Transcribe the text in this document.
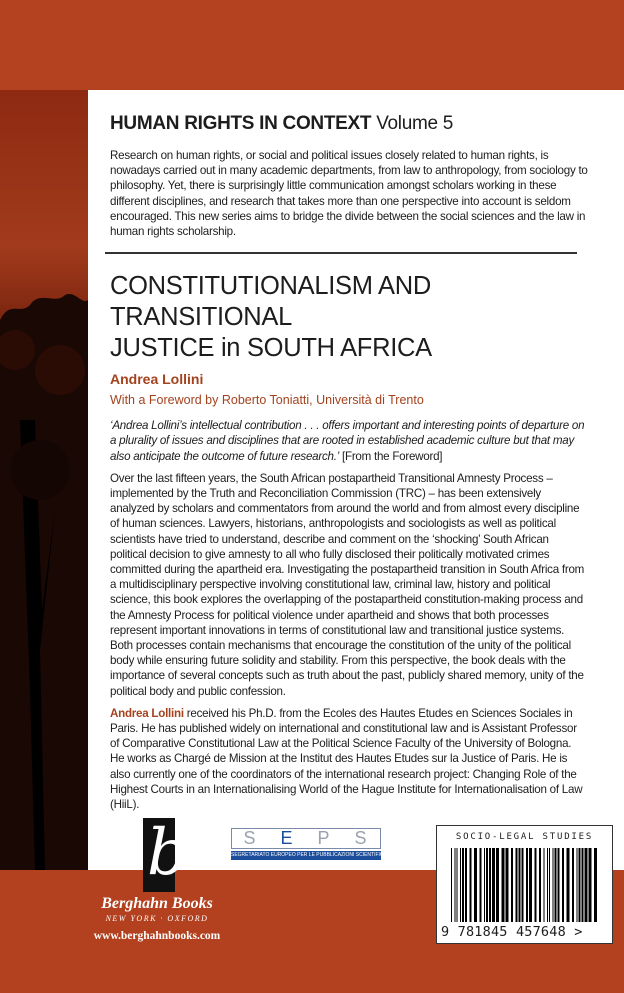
HUMAN RIGHTS IN CONTEXT Volume 5
Research on human rights, or social and political issues closely related to human rights, is nowadays carried out in many academic departments, from law to anthropology, from sociology to philosophy. Yet, there is surprisingly little communication amongst scholars working in these different disciplines, and research that takes more than one perspective into account is seldom encouraged. This new series aims to bridge the divide between the social sciences and the law in human rights scholarship.
CONSTITUTIONALISM AND TRANSITIONAL
JUSTICE in SOUTH AFRICA
Andrea Lollini
With a Foreword by Roberto Toniatti, Università di Trento
‘Andrea Lollini’s intellectual contribution . . . offers important and interesting points of departure on a plurality of issues and disciplines that are rooted in established academic culture but that may also anticipate the outcome of future research.’ [From the Foreword]
Over the last fifteen years, the South African postapartheid Transitional Amnesty Process – implemented by the Truth and Reconciliation Commission (TRC) – has been extensively analyzed by scholars and commentators from around the world and from almost every discipline of human sciences. Lawyers, historians, anthropologists and sociologists as well as political scientists have tried to understand, describe and comment on the ‘shocking’ South African political decision to give amnesty to all who fully disclosed their politically motivated crimes committed during the apartheid era. Investigating the postapartheid transition in South Africa from a multidisciplinary perspective involving constitutional law, criminal law, history and political science, this book explores the overlapping of the postapartheid constitution-making process and the Amnesty Process for political violence under apartheid and shows that both processes represent important innovations in terms of constitutional law and transitional justice systems. Both processes contain mechanisms that encourage the constitution of the unity of the political body while ensuring future solidity and stability. From this perspective, the book deals with the importance of several concepts such as truth about the past, publicly shared memory, unity of the political body and public confession.
Andrea Lollini received his Ph.D. from the Ecoles des Hautes Etudes en Sciences Sociales in Paris. He has published widely on international and constitutional law and is Assistant Professor of Comparative Constitutional Law at the Political Science Faculty of the University of Bologna. He works as Chargé de Mission at the Institut des Hautes Etudes sur la Justice of Paris. He is also currently one of the coordinators of the international research project: Changing Role of the Highest Courts in an Internationalising World of the Hague Institute for Internationalisation of Law (HiiL).
b
Berghahn Books
NEW YORK · OXFORD
www.berghahnbooks.com
S E P S
SEGRETARIATO EUROPEO PER LE PUBBLICAZIONI SCIENTIFICHE
SOCIO-LEGAL STUDIES
9 781845 457648 >
